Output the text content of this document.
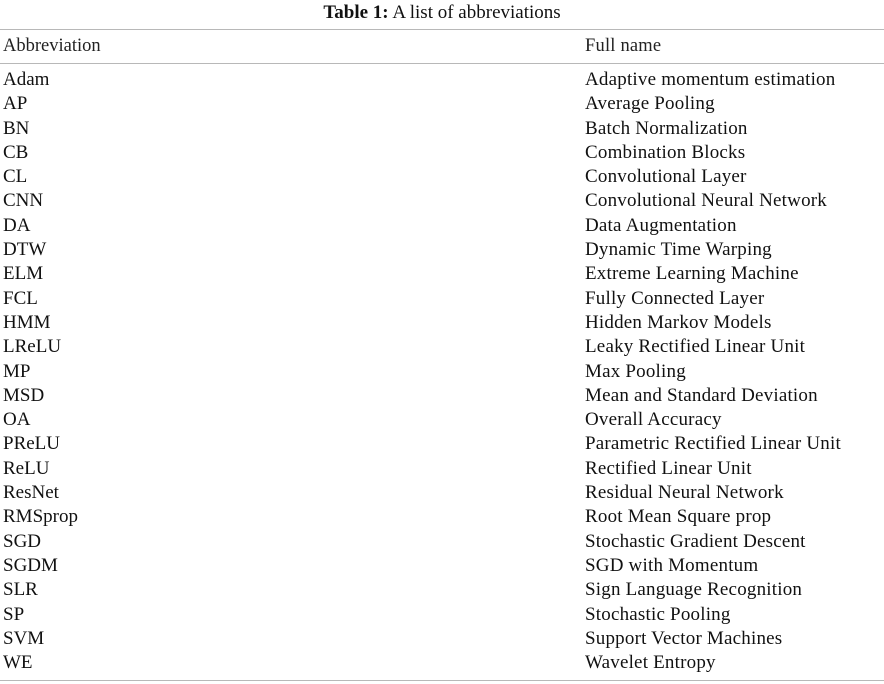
Table 1: A list of abbreviations
Abbreviation	Full name
Adam	Adaptive momentum estimation
AP	Average Pooling
BN	Batch Normalization
CB	Combination Blocks
CL	Convolutional Layer
CNN	Convolutional Neural Network
DA	Data Augmentation
DTW	Dynamic Time Warping
ELM	Extreme Learning Machine
FCL	Fully Connected Layer
HMM	Hidden Markov Models
LReLU	Leaky Rectified Linear Unit
MP	Max Pooling
MSD	Mean and Standard Deviation
OA	Overall Accuracy
PReLU	Parametric Rectified Linear Unit
ReLU	Rectified Linear Unit
ResNet	Residual Neural Network
RMSprop	Root Mean Square prop
SGD	Stochastic Gradient Descent
SGDM	SGD with Momentum
SLR	Sign Language Recognition
SP	Stochastic Pooling
SVM	Support Vector Machines
WE	Wavelet Entropy
